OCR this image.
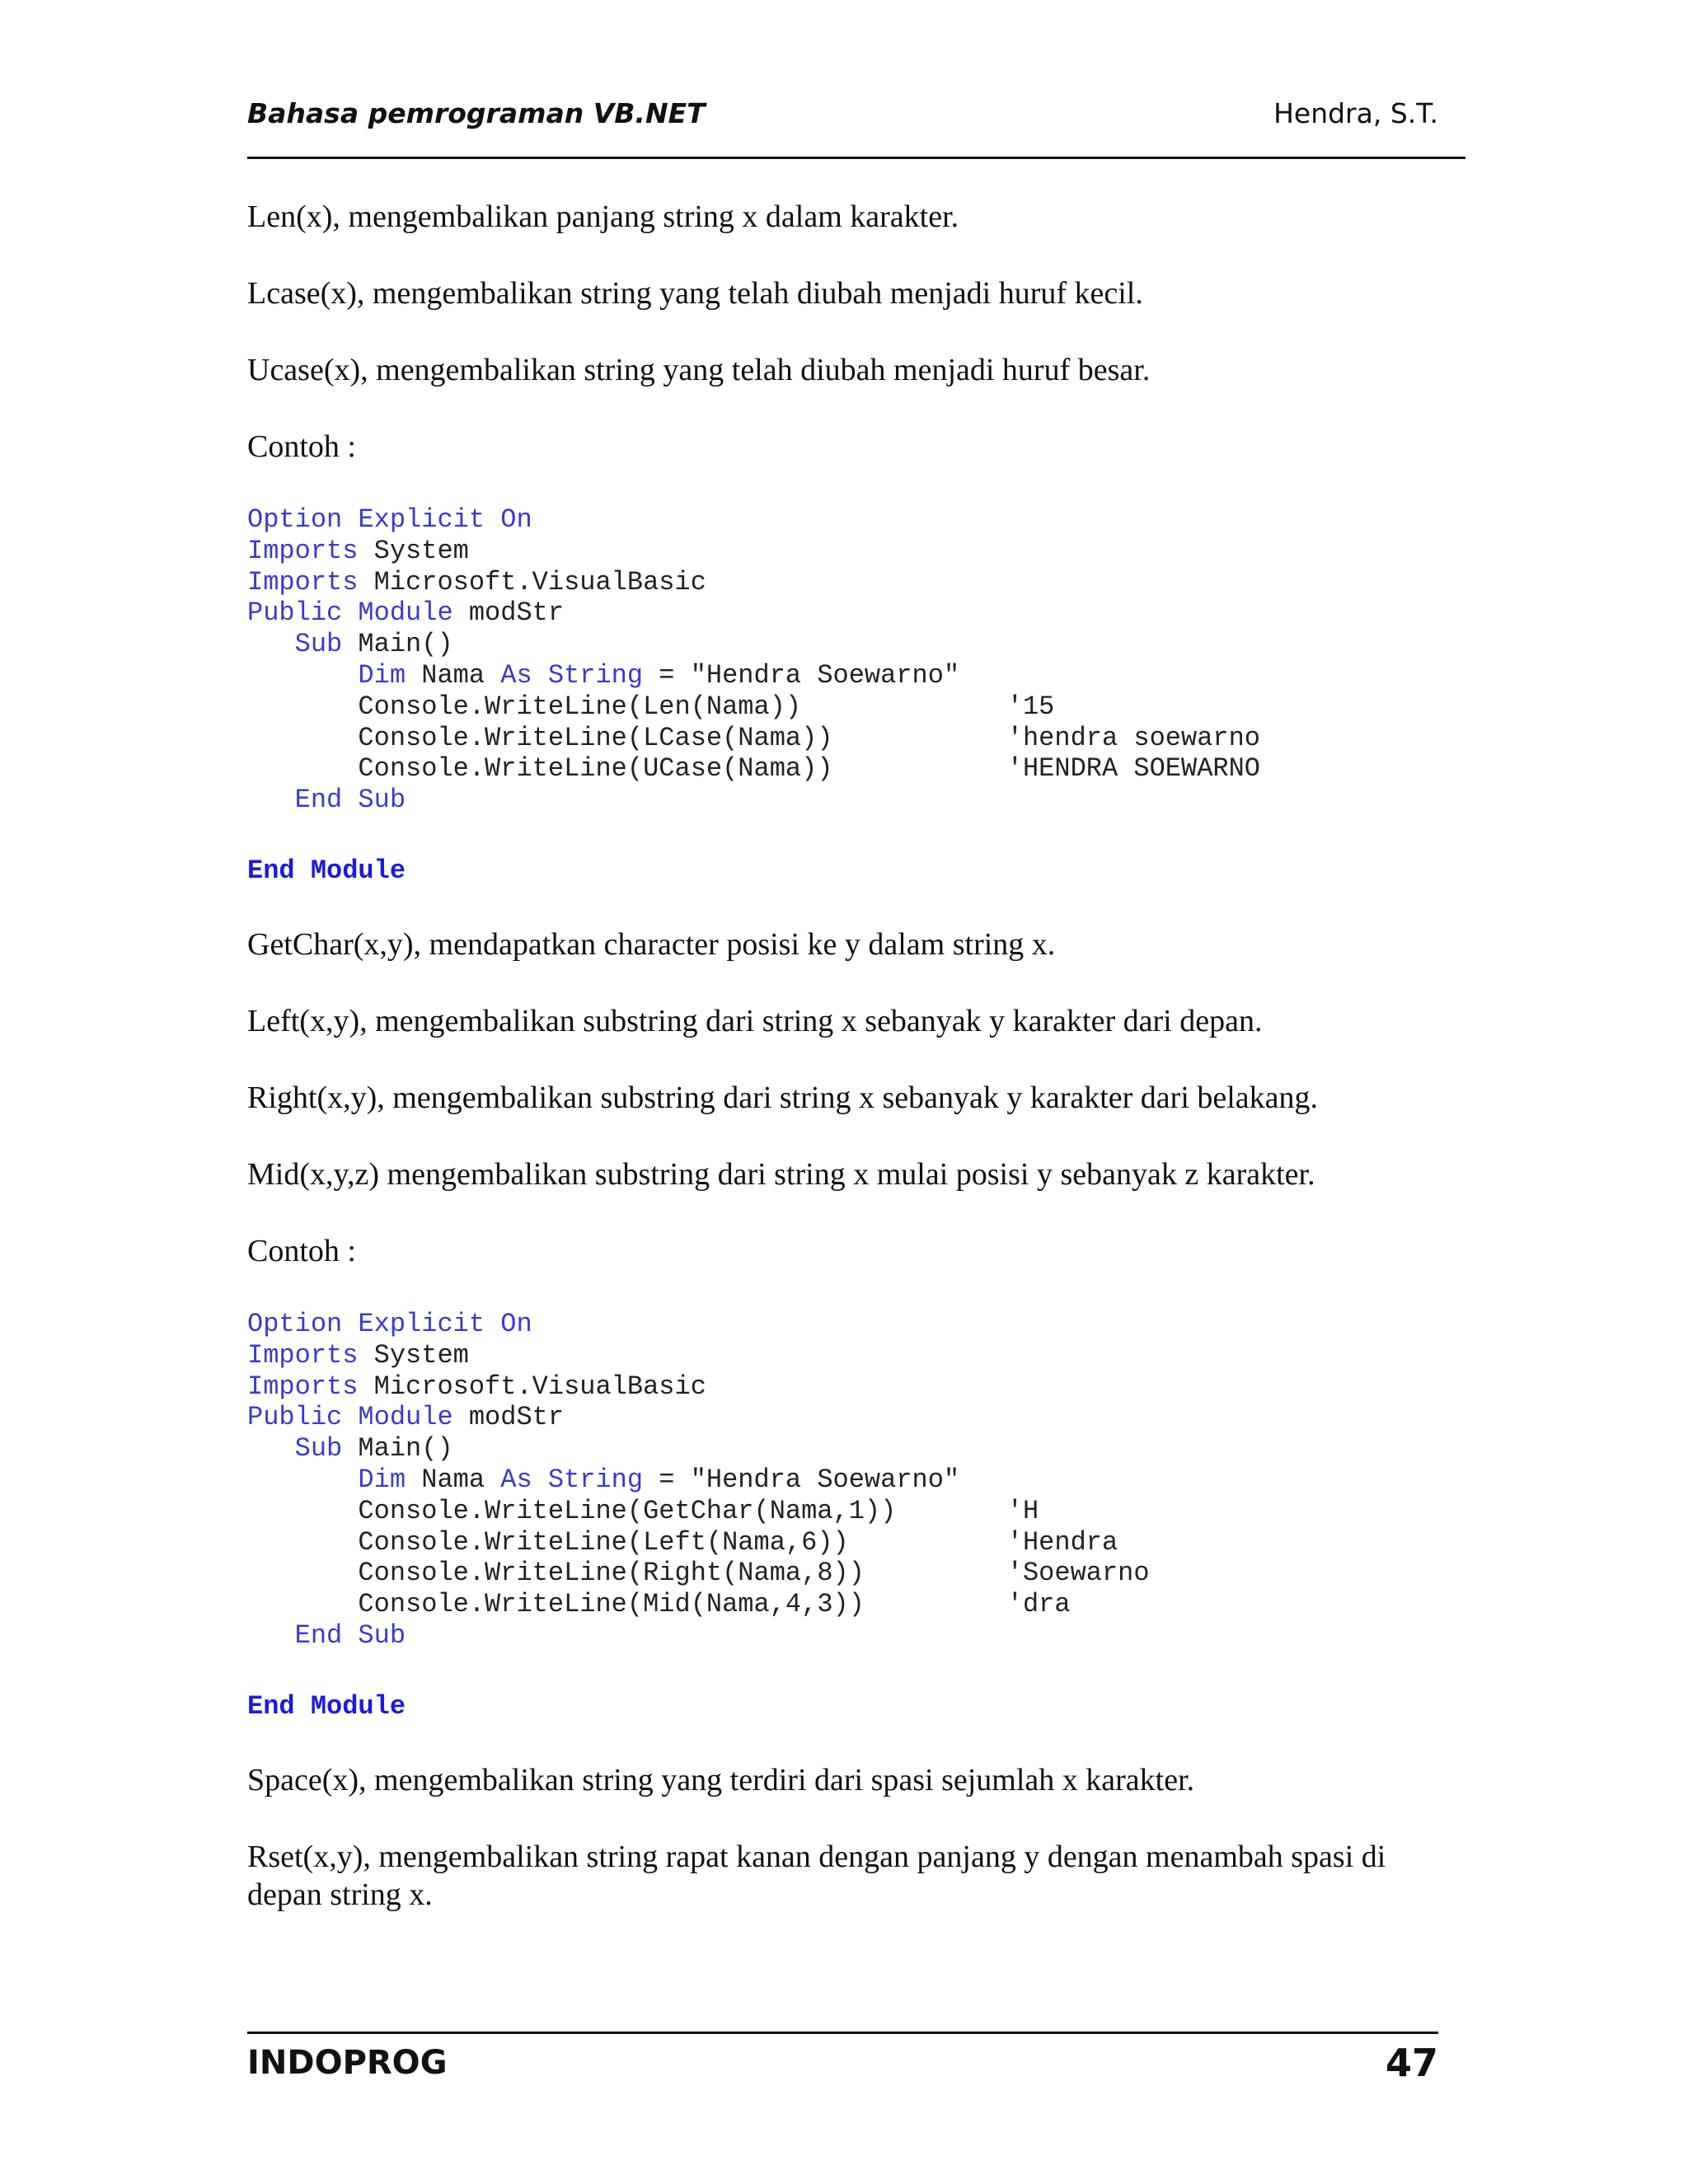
Bahasa pemrograman VB.NET	Hendra, S.T.

Len(x), mengembalikan panjang string x dalam karakter.

Lcase(x), mengembalikan string yang telah diubah menjadi huruf kecil.

Ucase(x), mengembalikan string yang telah diubah menjadi huruf besar.

Contoh :

Option Explicit On
Imports System
Imports Microsoft.VisualBasic
Public Module modStr
Sub Main()
Dim Nama As String = "Hendra Soewarno"
Console.WriteLine(Len(Nama))             '15
Console.WriteLine(LCase(Nama))           'hendra soewarno
Console.WriteLine(UCase(Nama))           'HENDRA SOEWARNO
End Sub
End Module

GetChar(x,y), mendapatkan character posisi ke y dalam string x.

Left(x,y), mengembalikan substring dari string x sebanyak y karakter dari depan.

Right(x,y), mengembalikan substring dari string x sebanyak y karakter dari belakang.

Mid(x,y,z) mengembalikan substring dari string x mulai posisi y sebanyak z karakter.

Contoh :

Option Explicit On
Imports System
Imports Microsoft.VisualBasic
Public Module modStr
Sub Main()
Dim Nama As String = "Hendra Soewarno"
Console.WriteLine(GetChar(Nama,1))       'H
Console.WriteLine(Left(Nama,6))          'Hendra
Console.WriteLine(Right(Nama,8))         'Soewarno
Console.WriteLine(Mid(Nama,4,3))         'dra
End Sub
End Module

Space(x), mengembalikan string yang terdiri dari spasi sejumlah x karakter.

Rset(x,y), mengembalikan string rapat kanan dengan panjang y dengan menambah spasi di depan string x.

INDOPROG	47
